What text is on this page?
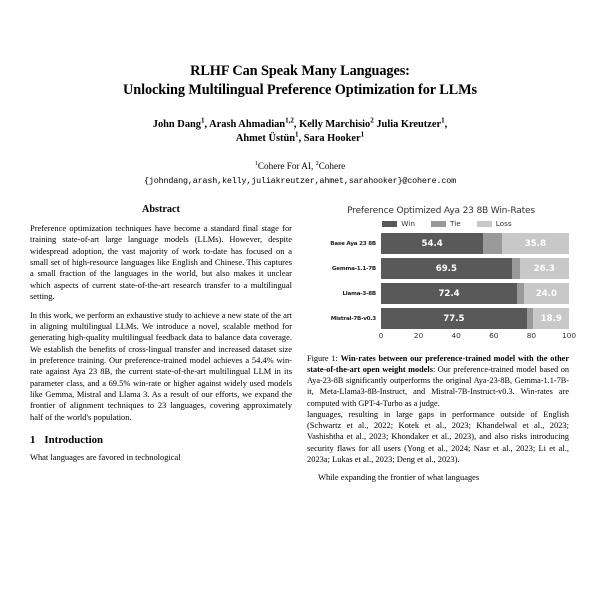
RLHF Can Speak Many Languages:
Unlocking Multilingual Preference Optimization for LLMs
John Dang$^1$, Arash Ahmadian$^{1,2}$, Kelly Marchisio$^2$ Julia Kreutzer$^1$,
Ahmet Üstün$^1$, Sara Hooker$^1$
$^1$Cohere For AI, $^2$Cohere
{johndang,arash,kelly,juliakreutzer,ahmet,sarahooker}@cohere.com
Abstract

Preference optimization techniques have become a standard final stage for training state-of-art large language models (LLMs). However, despite widespread adoption, the vast majority of work to-date has focused on a small set of high-resource languages like English and Chinese. This captures a small fraction of the languages in the world, but also makes it unclear which aspects of current state-of-the-art research transfer to a multilingual setting.

In this work, we perform an exhaustive study to achieve a new state of the art in aligning multilingual LLMs. We introduce a novel, scalable method for generating high-quality multilingual feedback data to balance data coverage. We establish the benefits of cross-lingual transfer and increased dataset size in preference training. Our preference-trained model achieves a 54.4% win-rate against Aya 23 8B, the current state-of-the-art multilingual LLM in its parameter class, and a 69.5% win-rate or higher against widely used models like Gemma, Mistral and Llama 3. As a result of our efforts, we expand the frontier of alignment techniques to 23 languages, covering approximately half of the world's population.

1 Introduction

What languages are favored in technological

Preference Optimized Aya 23 8B Win-Rates
Win	Tie	Loss
Base Aya 23 8B	54.4	35.8
Gemma-1.1-7B	69.5	26.3
Llama-3-8B	72.4	24.0
Mistral-7B-v0.3	77.5	18.9
0	20	40	60	80	100
Figure 1: Win-rates between our preference-trained model with the other state-of-the-art open weight models: Our preference-trained model based on Aya-23-8B significantly outperforms the original Aya-23-8B, Gemma-1.1-7B-it, Meta-Llama3-8B-Instruct, and Mistral-7B-Instruct-v0.3. Win-rates are computed with GPT-4-Turbo as a judge.

languages, resulting in large gaps in performance outside of English (Schwartz et al., 2022; Kotek et al., 2023; Khandelwal et al., 2023; Vashishtha et al., 2023; Khondaker et al., 2023), and also risks introducing security flaws for all users (Yong et al., 2024; Nasr et al., 2023; Li et al., 2023a; Lukas et al., 2023; Deng et al., 2023).

While expanding the frontier of what languages
